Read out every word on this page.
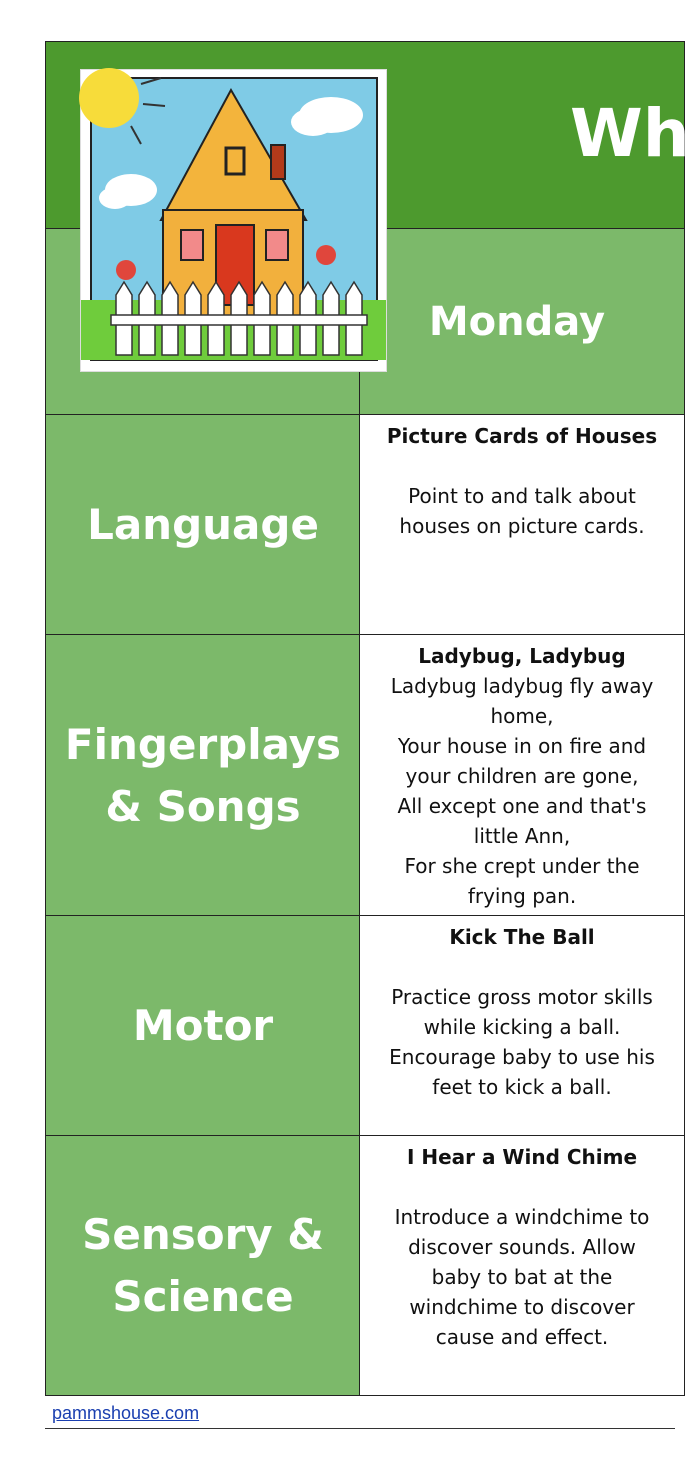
Wh
Monday
Language
Picture Cards of Houses
Point to and talk about
houses on picture cards.
Fingerplays
& Songs
Ladybug, Ladybug
Ladybug ladybug fly away
home,
Your house in on fire and
your children are gone,
All except one and that's
little Ann,
For she crept under the
frying pan.
Motor
Kick The Ball
Practice gross motor skills
while kicking a ball.
Encourage baby to use his
feet to kick a ball.
Sensory &
Science
I Hear a Wind Chime
Introduce a windchime to
discover sounds. Allow
baby to bat at the
windchime to discover
cause and effect.
pammshouse.com
